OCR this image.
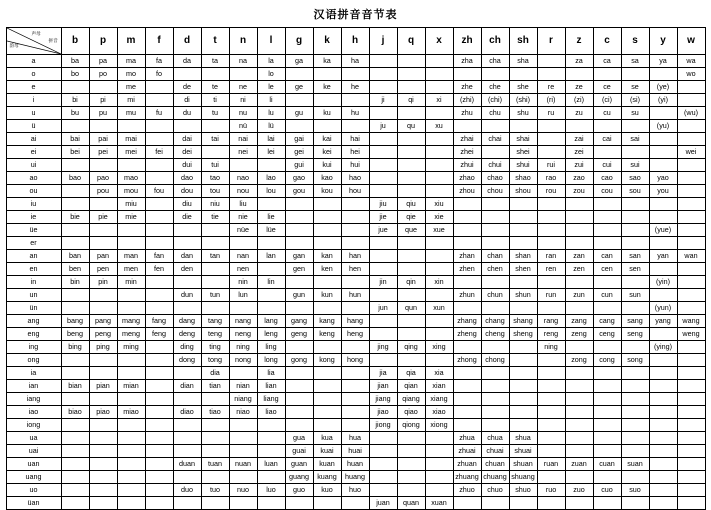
汉语拼音音节表
声母
韵母
拼音	b	p	m	f	d	t	n	l	g	k	h	j	q	x	zh	ch	sh	r	z	c	s	y	w
a	ba	pa	ma	fa	da	ta	na	la	ga	ka	ha				zha	cha	sha		za	ca	sa	ya	wa
o	bo	po	mo	fo				lo															wo
e			me		de	te	ne	le	ge	ke	he				zhe	che	she	re	ze	ce	se	(ye)	
i	bi	pi	mi		di	ti	ni	li				ji	qi	xi	(zhi)	(chi)	(shi)	(ri)	(zi)	(ci)	(si)	(yi)	
u	bu	pu	mu	fu	du	tu	nu	lu	gu	ku	hu				zhu	chu	shu	ru	zu	cu	su		(wu)
ü							nü	lü				ju	qu	xu								(yu)	
ai	bai	pai	mai		dai	tai	nai	lai	gai	kai	hai				zhai	chai	shai		zai	cai	sai		
ei	bei	pei	mei	fei	dei		nei	lei	gei	kei	hei				zhei		shei		zei				wei
ui					dui	tui			gui	kui	hui				zhui	chui	shui	rui	zui	cui	sui		
ao	bao	pao	mao		dao	tao	nao	lao	gao	kao	hao				zhao	chao	shao	rao	zao	cao	sao	yao	
ou		pou	mou	fou	dou	tou	nou	lou	gou	kou	hou				zhou	chou	shou	rou	zou	cou	sou	you	
iu			miu		diu	niu	liu					jiu	qiu	xiu									
ie	bie	pie	mie		die	tie	nie	lie				jie	qie	xie									
üe							nüe	lüe				jue	que	xue								(yue)	
er																							
an	ban	pan	man	fan	dan	tan	nan	lan	gan	kan	han				zhan	chan	shan	ran	zan	can	san	yan	wan
en	ben	pen	men	fen	den		nen		gen	ken	hen				zhen	chen	shen	ren	zen	cen	sen		
in	bin	pin	min				nin	lin				jin	qin	xin								(yin)	
un					dun	tun	lun		gun	kun	hun				zhun	chun	shun	run	zun	cun	sun		
ün												jun	qun	xun								(yun)	
ang	bang	pang	mang	fang	dang	tang	nang	lang	gang	kang	hang				zhang	chang	shang	rang	zang	cang	sang	yang	wang
eng	beng	peng	meng	feng	deng	teng	neng	leng	geng	keng	heng				zheng	cheng	sheng	reng	zeng	ceng	seng		weng
ing	bing	ping	ming		ding	ting	ning	ling				jing	qing	xing				ning				(ying)	
ong					dong	tong	nong	long	gong	kong	hong				zhong	chong			zong	cong	song		
ia						dia		lia				jia	qia	xia									
ian	bian	pian	mian		dian	tian	nian	lian				jian	qian	xian									
iang							niang	liang				jiang	qiang	xiang									
iao	biao	piao	miao		diao	tiao	niao	liao				jiao	qiao	xiao									
iong												jiong	qiong	xiong									
ua									gua	kua	hua				zhua	chua	shua						
uai									guai	kuai	huai				zhuai	chuai	shuai						
uan					duan	tuan	nuan	luan	guan	kuan	huan				zhuan	chuan	shuan	ruan	zuan	cuan	suan		
uang									guang	kuang	huang				zhuang	chuang	shuang						
uo					duo	tuo	nuo	luo	guo	kuo	huo				zhuo	chuo	shuo	ruo	zuo	cuo	suo		
üan												juan	quan	xuan									
